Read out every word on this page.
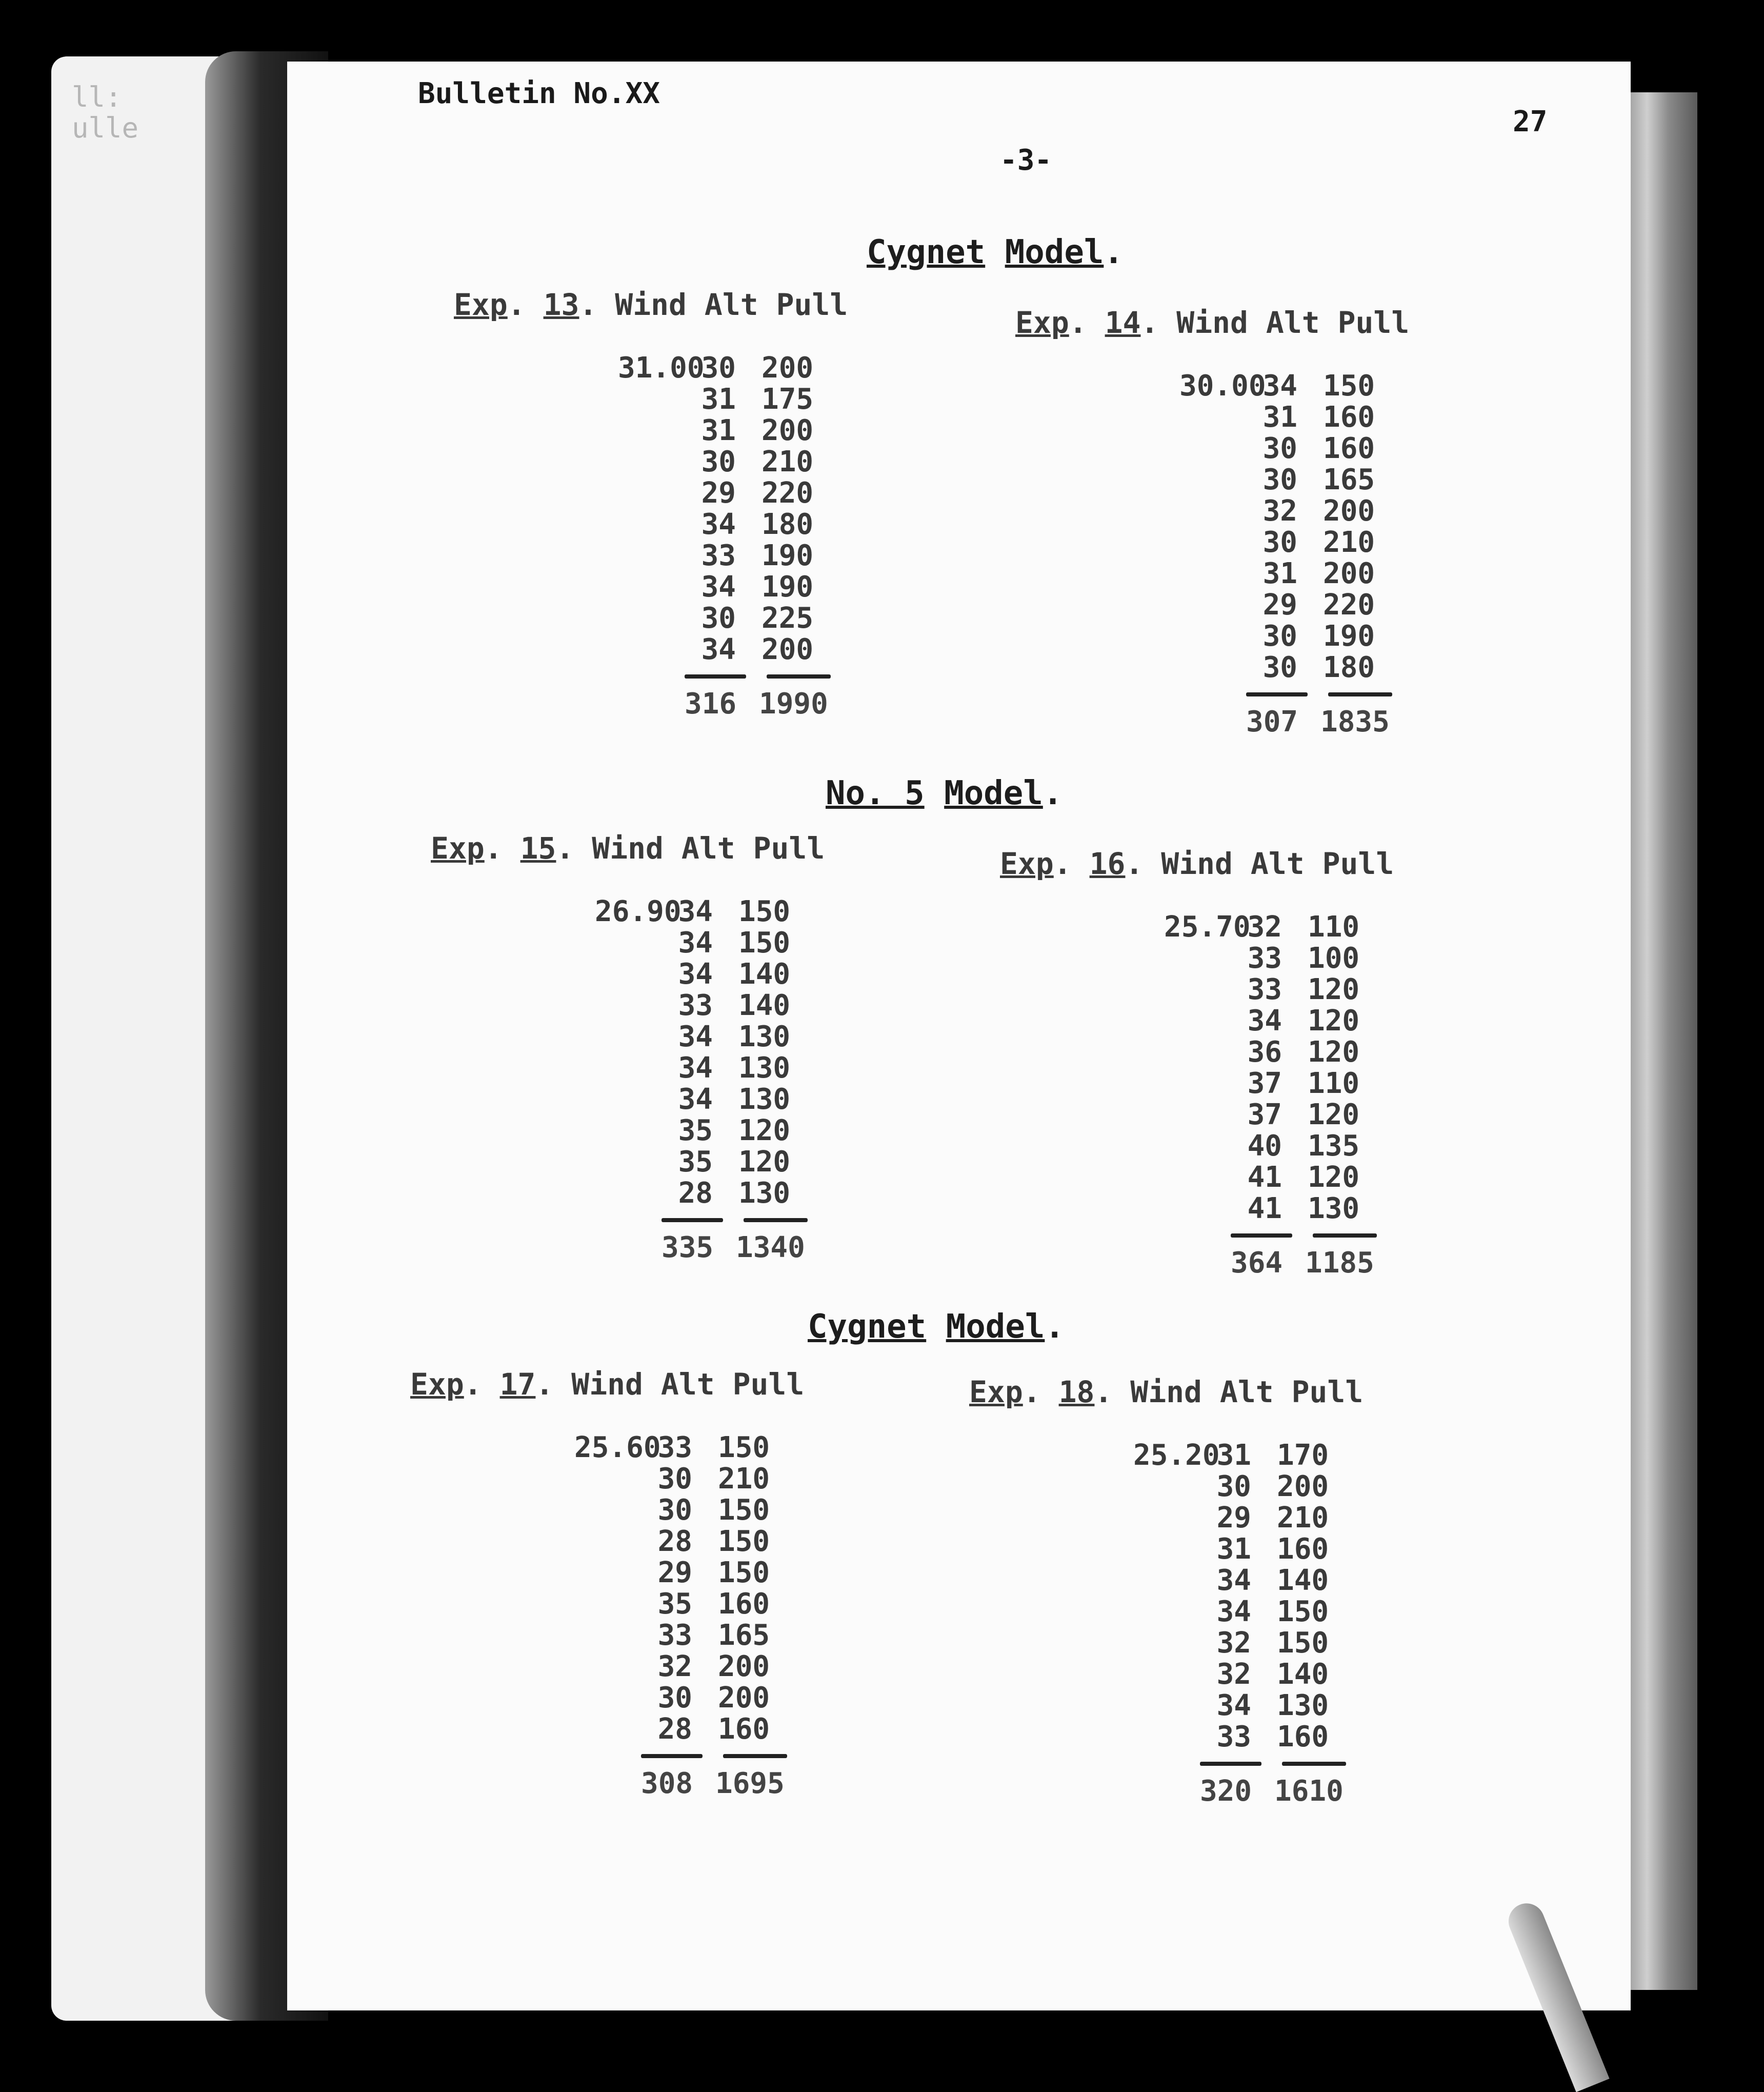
ll:
ulle
Bulletin No.XX
27
-3-
Cygnet Model.
Exp. 13. Wind Alt Pull
31.00
30
31
31
30
29
34
33
34
30
34
200
175
200
210
220
180
190
190
225
200
316 1990
Exp. 14. Wind Alt Pull
30.00
34
31
30
30
32
30
31
29
30
30
150
160
160
165
200
210
200
220
190
180
307 1835
No. 5 Model.
Exp. 15. Wind Alt Pull
26.90
34
34
34
33
34
34
34
35
35
28
150
150
140
140
130
130
130
120
120
130
335 1340
Exp. 16. Wind Alt Pull
25.70
32
33
33
34
36
37
37
40
41
41
110
100
120
120
120
110
120
135
120
130
364 1185
Cygnet Model.
Exp. 17. Wind Alt Pull
25.60
33
30
30
28
29
35
33
32
30
28
150
210
150
150
150
160
165
200
200
160
308 1695
Exp. 18. Wind Alt Pull
25.20
31
30
29
31
34
34
32
32
34
33
170
200
210
160
140
150
150
140
130
160
320 1610
